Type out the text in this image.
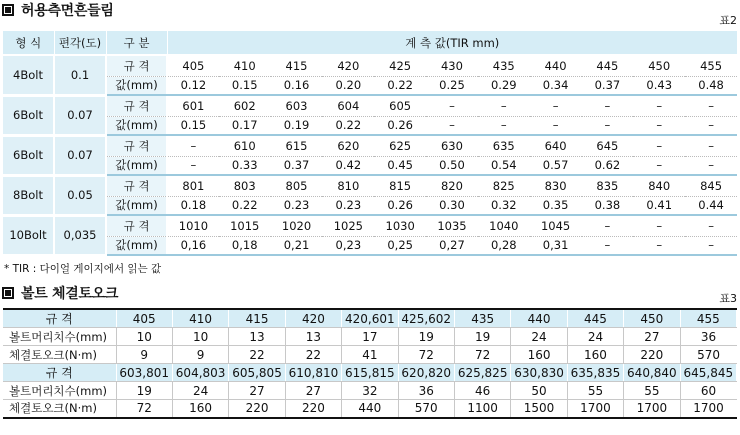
허용측면흔들림
표2
형 식	편각(도)	구 분	계 측 값(TIR mm)										
4Bolt	0.1	규 격	405	410	415	420	425	430	435	440	445	450	455
		값(mm)	0.12	0.15	0.16	0.20	0.22	0.25	0.29	0.34	0.37	0.43	0.48
6Bolt	0.07	규 격	601	602	603	604	605	–	–	–	–	–	–
		값(mm)	0.15	0.17	0.19	0.22	0.26	–	–	–	–	–	–
6Bolt	0.07	규 격	–	610	615	620	625	630	635	640	645	–	–
		값(mm)	–	0.33	0.37	0.42	0.45	0.50	0.54	0.57	0.62	–	–
8Bolt	0.05	규 격	801	803	805	810	815	820	825	830	835	840	845
		값(mm)	0.18	0.22	0.23	0.23	0.26	0.30	0.32	0.35	0.38	0.41	0.44
10Bolt	0,035	규 격	1010	1015	1020	1025	1030	1035	1040	1045	–	–	–
		값(mm)	0,16	0,18	0,21	0,23	0,25	0,27	0,28	0,31	–	–	–
* TIR : 다이얼 게이지에서 읽는 값
볼트 체결토오크	표3
규 격	405	410	415	420	420,601	425,602	435	440	445	450	455
볼트머리치수(mm)	10	10	13	13	17	19	19	24	24	27	36
체결토오크(N·m)	9	9	22	22	41	72	72	160	160	220	570
규 격	603,801	604,803	605,805	610,810	615,815	620,820	625,825	630,830	635,835	640,840	645,845
볼트머리치수(mm)	19	24	27	27	32	36	46	50	55	55	60
체결토오크(N·m)	72	160	220	220	440	570	1100	1500	1700	1700	1700
